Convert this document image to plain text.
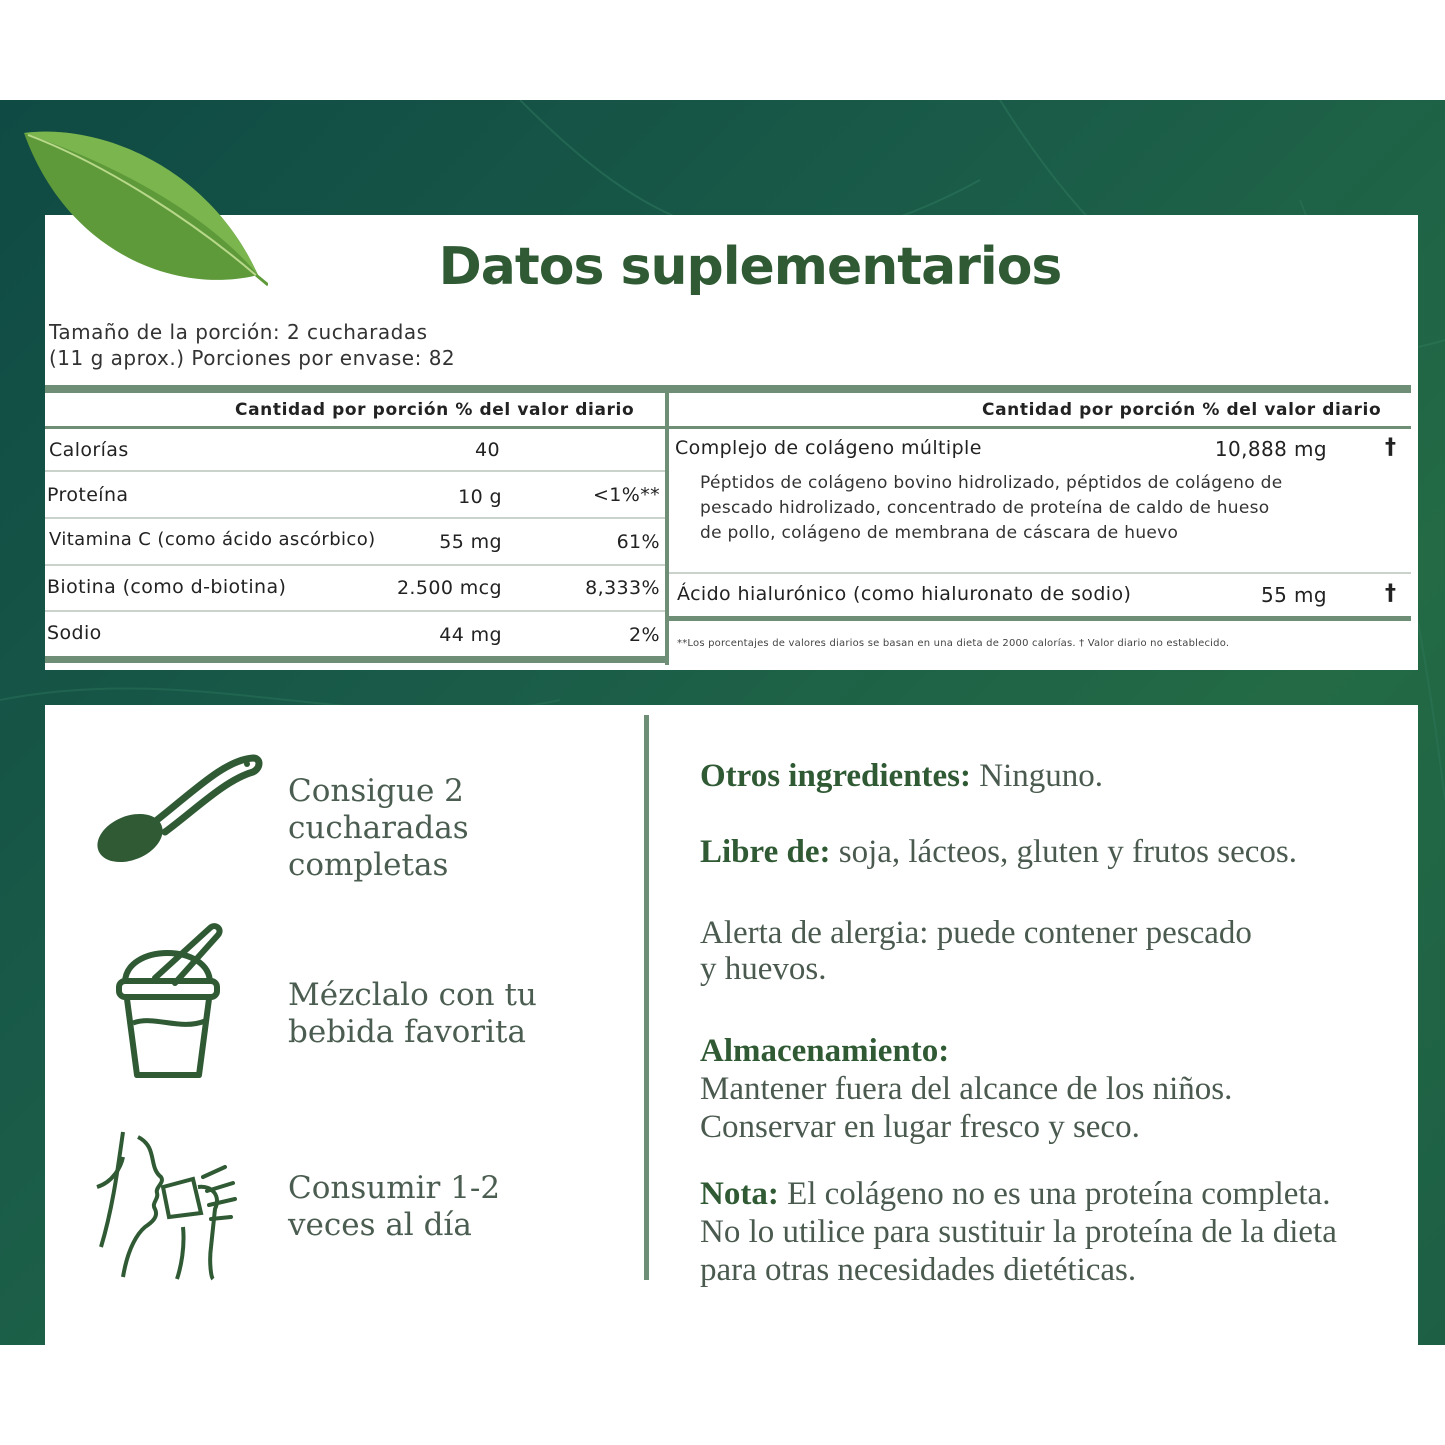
Datos suplementarios
Tamaño de la porción: 2 cucharadas
(11 g aprox.) Porciones por envase: 82
Cantidad por porción % del valor diario
Calorías	40
Proteína	10 g	<1%**
Vitamina C (como ácido ascórbico)	55 mg	61%
Biotina (como d-biotina)	2.500 mcg	8,333%
Sodio	44 mg	2%
Cantidad por porción % del valor diario
Complejo de colágeno múltiple	10,888 mg	†
Péptidos de colágeno bovino hidrolizado, péptidos de colágeno de
pescado hidrolizado, concentrado de proteína de caldo de hueso
de pollo, colágeno de membrana de cáscara de huevo
Ácido hialurónico (como hialuronato de sodio)	55 mg	†
**Los porcentajes de valores diarios se basan en una dieta de 2000 calorías. † Valor diario no establecido.
Consigue 2
cucharadas
completas
Mézclalo con tu
bebida favorita
Consumir 1-2
veces al día
Otros ingredientes: Ninguno.
Libre de: soja, lácteos, gluten y frutos secos.
Alerta de alergia: puede contener pescado
y huevos.
Almacenamiento:
Mantener fuera del alcance de los niños.
Conservar en lugar fresco y seco.
Nota: El colágeno no es una proteína completa.
No lo utilice para sustituir la proteína de la dieta
para otras necesidades dietéticas.
